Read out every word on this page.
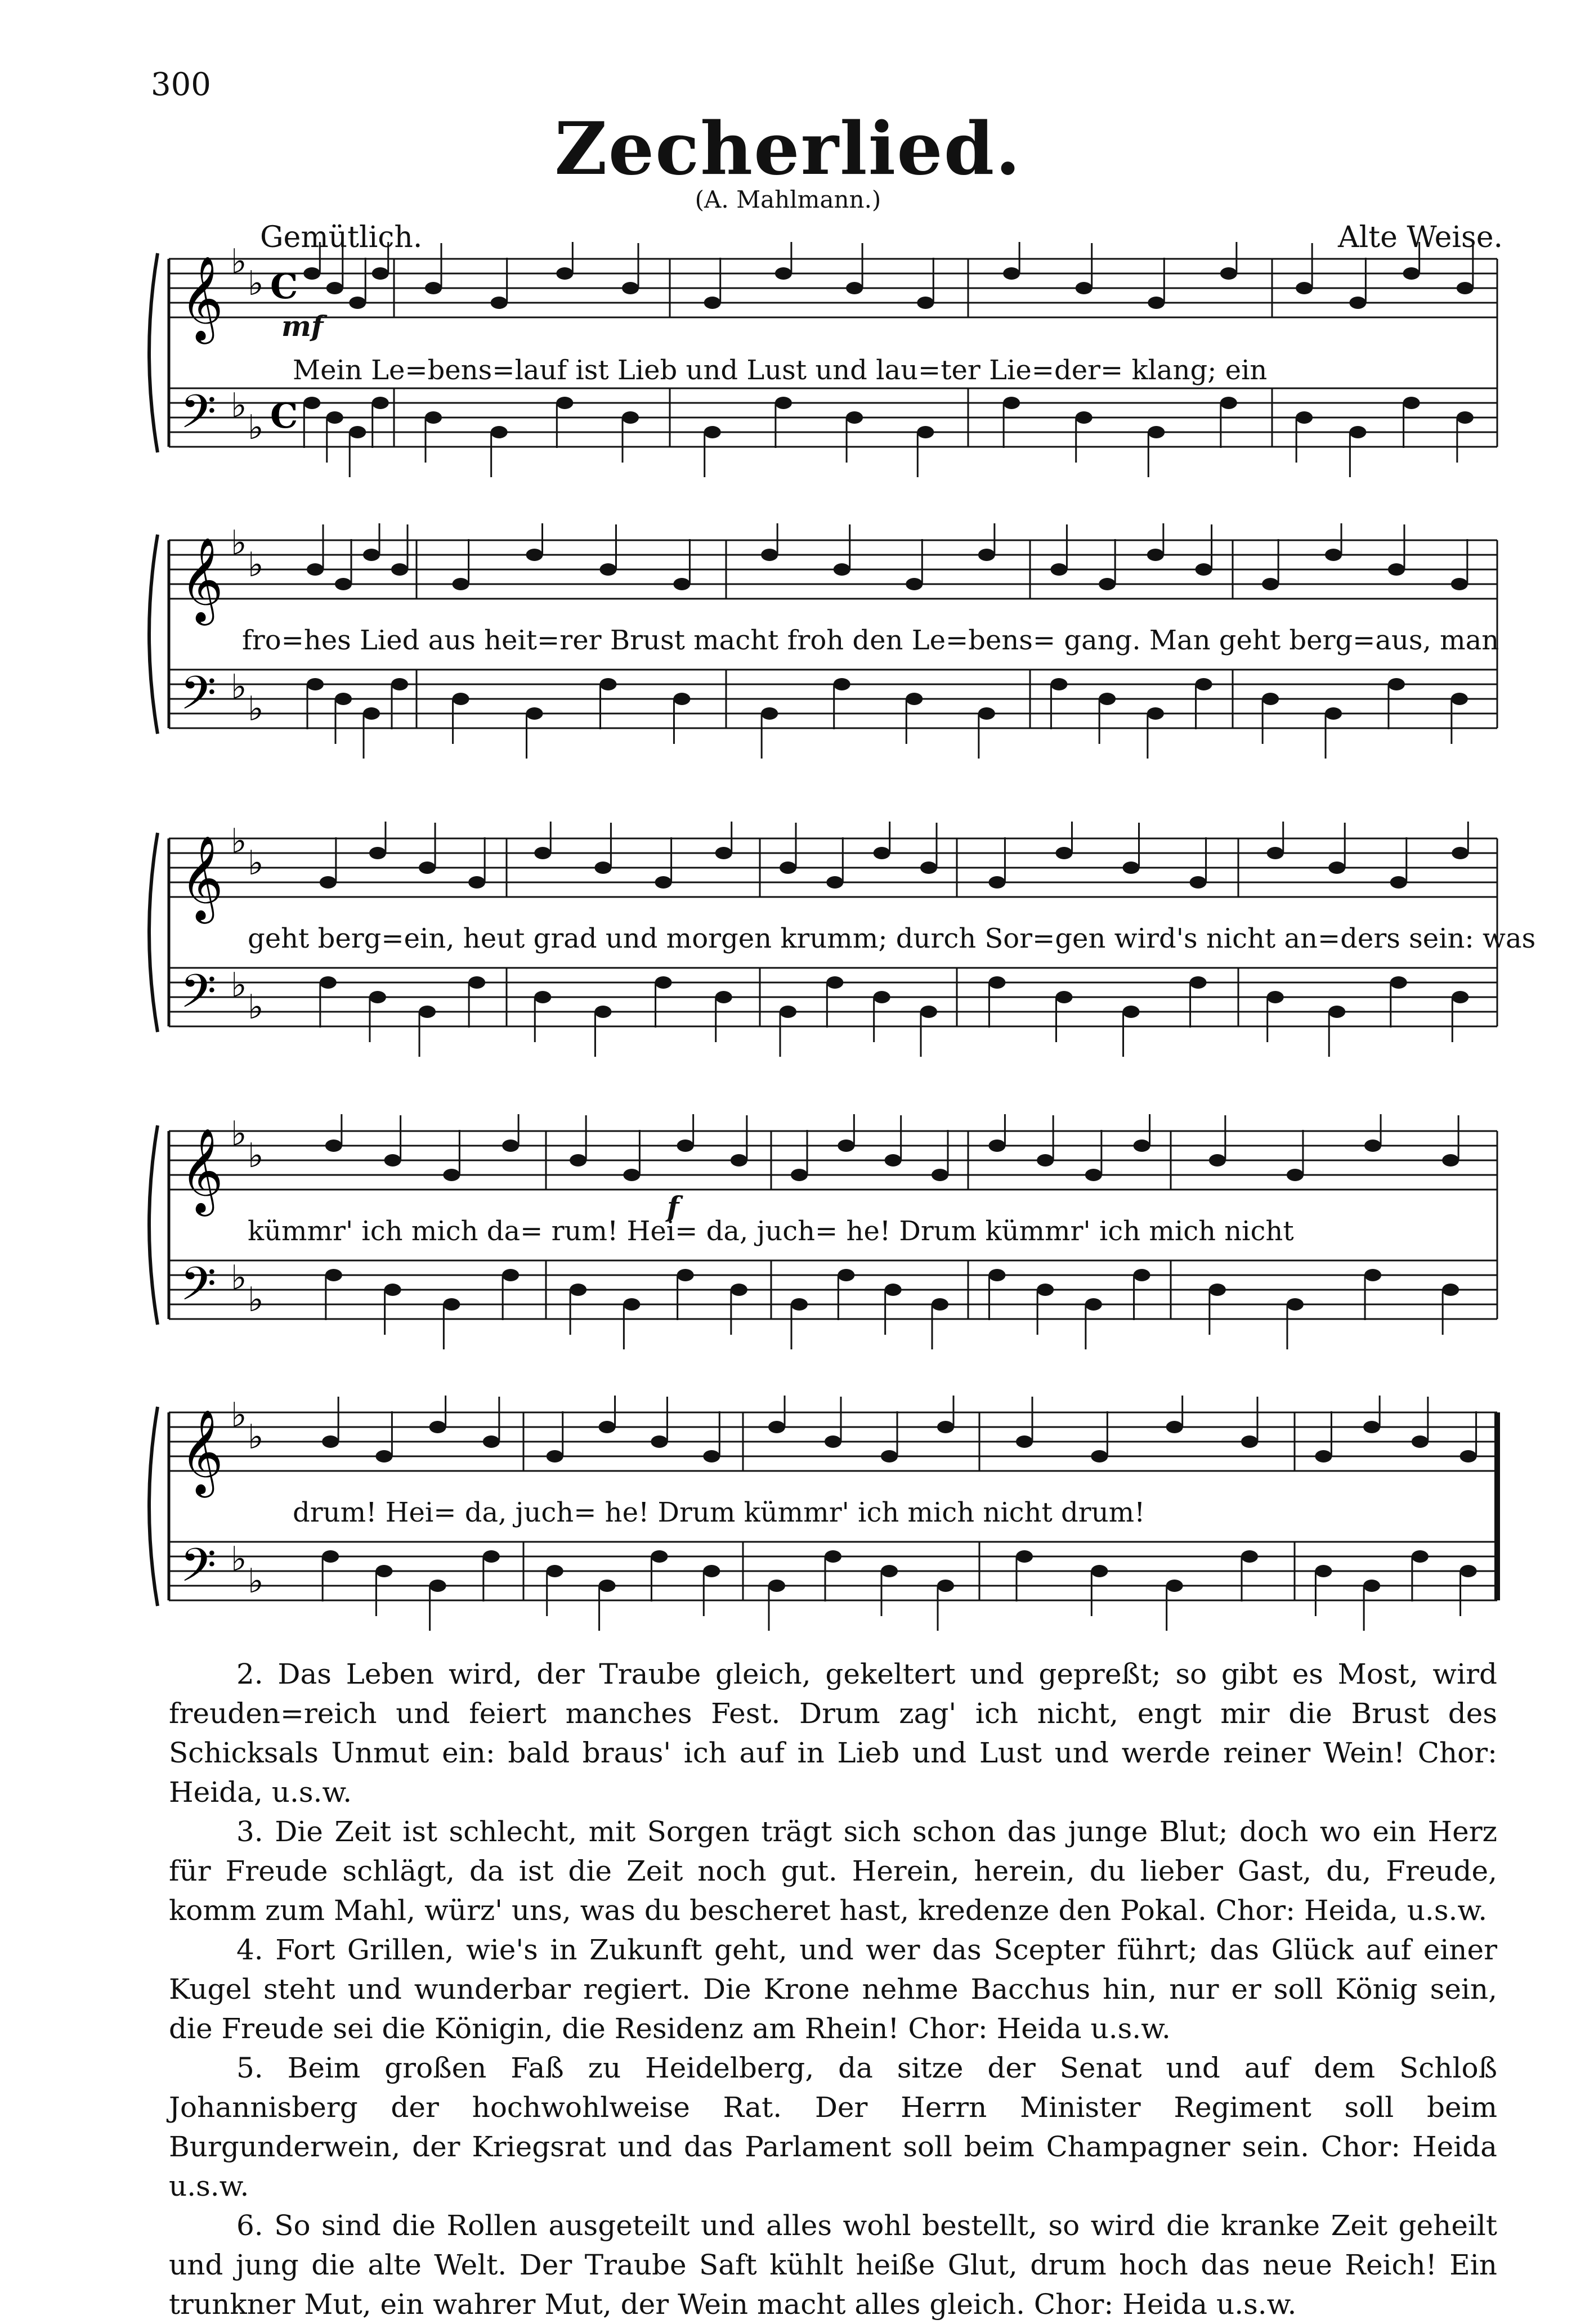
300
Zecherlied.
(A. Mahlmann.)
Gemütlich.	Alte Weise.
𝄞
𝄢
♭
♭
♭
♭
C
C
mf
Mein Le=bens=lauf ist Lieb und Lust und lau=ter Lie=der= klang; ein
𝄞
𝄢
♭
♭
♭
♭
fro=hes Lied aus heit=rer Brust macht froh den Le=bens= gang. Man geht berg=aus, man
𝄞
𝄢
♭
♭
♭
♭
geht berg=ein, heut grad und morgen krumm; durch Sor=gen wird's nicht an=ders sein: was
𝄞
𝄢
♭
♭
♭
♭
f
kümmr' ich mich da= rum! Hei= da, juch= he! Drum kümmr' ich mich nicht
𝄞
𝄢
♭
♭
♭
♭
drum! Hei= da, juch= he! Drum kümmr' ich mich nicht drum!

2. Das Leben wird, der Traube gleich, gekeltert und gepreßt; so gibt es Most, wird freuden=reich und feiert manches Fest. Drum zag' ich nicht, engt mir die Brust des Schicksals Unmut ein: bald braus' ich auf in Lieb und Lust und werde reiner Wein! Chor: Heida, u.s.w.

3. Die Zeit ist schlecht, mit Sorgen trägt sich schon das junge Blut; doch wo ein Herz für Freude schlägt, da ist die Zeit noch gut. Herein, herein, du lieber Gast, du, Freude, komm zum Mahl, würz' uns, was du bescheret hast, kredenze den Pokal. Chor: Heida, u.s.w.

4. Fort Grillen, wie's in Zukunft geht, und wer das Scepter führt; das Glück auf einer Kugel steht und wunderbar regiert. Die Krone nehme Bacchus hin, nur er soll König sein, die Freude sei die Königin, die Residenz am Rhein! Chor: Heida u.s.w.

5. Beim großen Faß zu Heidelberg, da sitze der Senat und auf dem Schloß Johannisberg der hochwohlweise Rat. Der Herrn Minister Regiment soll beim Burgunderwein, der Kriegsrat und das Parlament soll beim Champagner sein. Chor: Heida u.s.w.

6. So sind die Rollen ausgeteilt und alles wohl bestellt, so wird die kranke Zeit geheilt und jung die alte Welt. Der Traube Saft kühlt heiße Glut, drum hoch das neue Reich! Ein trunkner Mut, ein wahrer Mut, der Wein macht alles gleich. Chor: Heida u.s.w.
